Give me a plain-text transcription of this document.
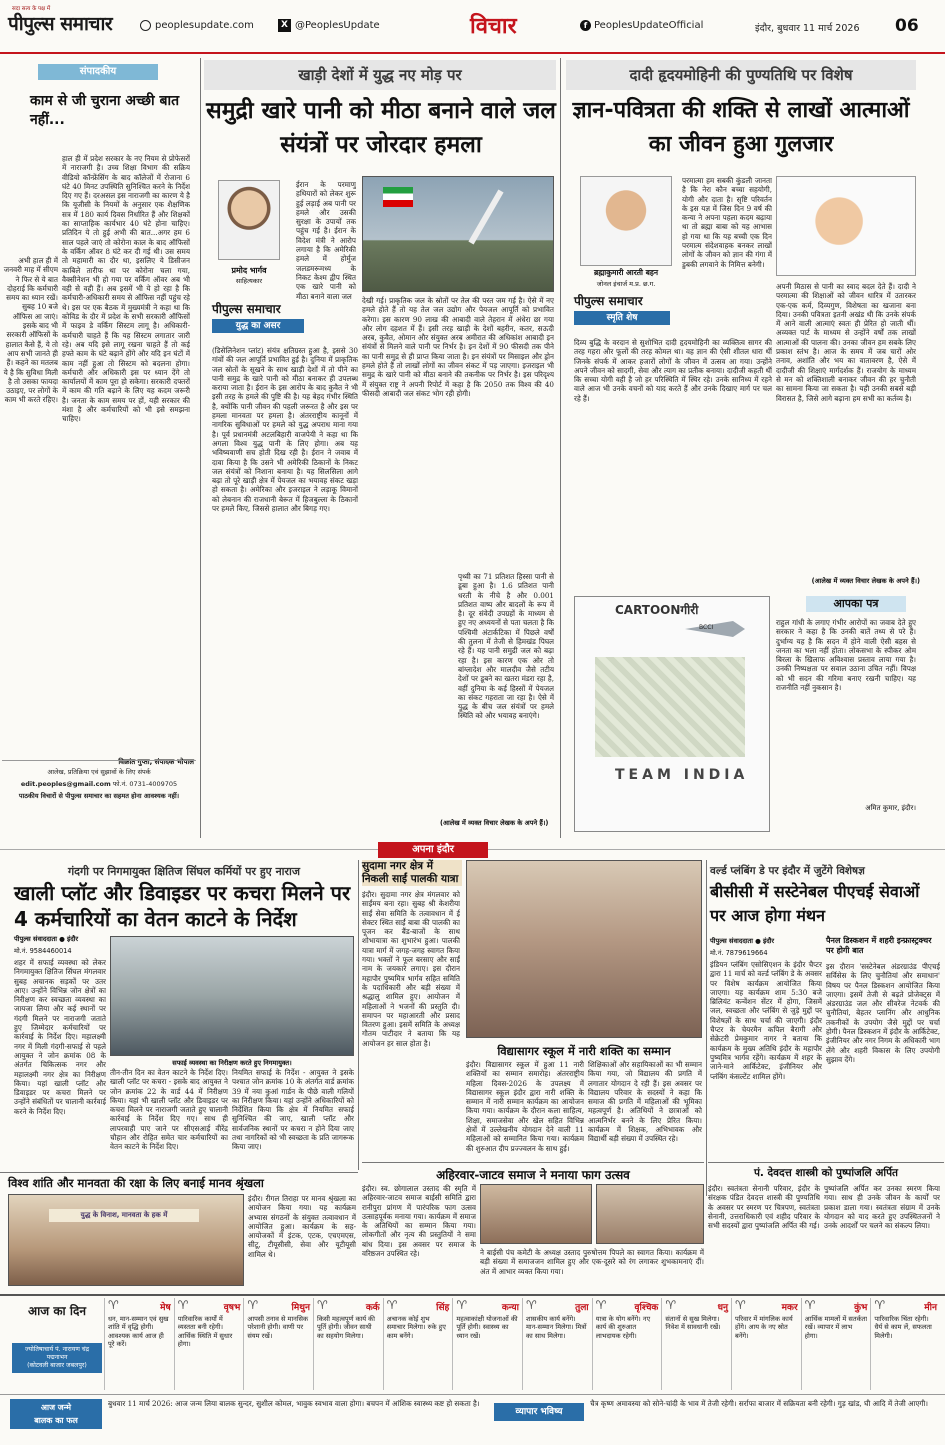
पीपुल्स समाचार
सदा सत्य के पक्ष में
peoplesupdate.com	X @PeoplesUpdate	विचार	f PeoplesUpdateOfficial	इंदौर, बुधवार 11 मार्च 2026 06
संपादकीय
काम से जी चुराना अच्छी बात नहीं...
हाल ही में प्रदेश सरकार के नए नियम से प्रोफेसरों में नाराजगी है। उच्च शिक्षा विभाग की सक्रिय वीडियो कॉन्फ्रेंसिंग के बाद कॉलेजों में रोजाना 6 घंटे 40 मिनट उपस्थिति सुनिश्चित करने के निर्देश दिए गए हैं। दरअसल इस नाराजगी का कारण ये है कि यूजीसी के नियमों के अनुसार एक शैक्षणिक सत्र में 180 कार्य दिवस निर्धारित हैं और शिक्षकों का साप्ताहिक कार्यभार 40 घंटे होना चाहिए। प्रतिदिन ये तो हुई अभी की बात...अगर हम 6 साल पहले जाएं तो कोरोना काल के बाद ऑफिसों के वर्किंग ऑवर 8 घंटे कर दी गई थी। उस समय तो महामारी का दौर था, इसलिए ये डिसीजन काबिले तारीफ था पर कोरोना चला गया, वैक्सीनेशन भी हो गया पर वर्किंग ऑवर अब भी वही से वही हैं। अब इसमें भी ये हो रहा है कि कर्मचारी-अधिकारी समय से ऑफिस नहीं पहुंच रहे थे। इस पर एक बैठक में मुख्यमंत्री ने कहा था कि कोविड के दौर में प्रदेश के सभी सरकारी ऑफिसों में फाइव डे वर्किंग सिस्टम लागू है। अधिकारी-कर्मचारी चाहते हैं कि यह सिस्टम लगातार जारी रहे। अब यदि इसे लागू रखना चाहते हैं तो कई हफ्ते काम के घंटे बढ़ाने होंगे और यदि इन घंटों में काम नहीं हुआ तो सिस्टम को बदलना होगा। कर्मचारी और अधिकारी इस पर ध्यान देंगे तो कार्यालयों में काम पूरा हो सकेगा। सरकारी दफ्तरों में काम की गति बढ़ाने के लिए यह कदम जरूरी है। जनता के काम समय पर हों, यही सरकार की मंशा है और कर्मचारियों को भी इसे समझना चाहिए।
अभी हाल ही में जनवरी माह में सीएम ने फिर से ये बात दोहराई कि कर्मचारी समय का ध्यान रखें। सुबह 10 बजे ऑफिस आ जाएं। इसके बाद भी सरकारी ऑफिसों के हालात कैसे हैं, ये तो आप सभी जानते ही हैं। कहने का मतलब ये है कि सुविधा मिली है तो उसका फायदा उठाइए, पर लोगों के काम भी करते रहिए।
विक्रांत गुप्ता, संपादक भोपाल
आलेख, प्रतिक्रिया एवं सुझावों के लिए संपर्क
edit.peoples@gmail.com फो.नं. 0731-4009705
पाठकीय विचारों से पीपुल्स समाचार का सहमत होना आवश्यक नहीं।
खाड़ी देशों में युद्ध नए मोड़ पर
समुद्री खारे पानी को मीठा बनाने वाले जल संयंत्रों पर जोरदार हमला
प्रमोद भार्गव
साहित्यकार
ईरान के परमाणु हथियारों को लेकर शुरू हुई लड़ाई अब पानी पर हमले और उसकी सुरक्षा के उपायों तक पहुंच गई है। ईरान के विदेश मंत्री ने आरोप लगाया है कि अमेरिकी हमले में होर्मुज जलडमरूमध्य के निकट केश्म द्वीप स्थित एक खारे पानी को मीठा बनाने वाला जल
पीपुल्स समाचार
युद्ध का असर
(डिसेलिनेशन प्लांट) संयंत्र क्षतिग्रस्त हुआ है, इससे 30 गांवों की जल आपूर्ति प्रभावित हुई है। दुनिया में प्राकृतिक जल स्रोतों के सूखने के साथ खाड़ी देशों में तो पीने का पानी समुद्र के खारे पानी को मीठा बनाकर ही उपलब्ध कराया जाता है। ईरान के इस आरोप के बाद कुवैत ने भी इसी तरह के हमले की पुष्टि की है। यह बेहद गंभीर स्थिति है, क्योंकि पानी जीवन की पहली जरूरत है और इस पर हमला मानवता पर हमला है। अंतरराष्ट्रीय कानूनों में नागरिक सुविधाओं पर हमले को युद्ध अपराध माना गया है। पूर्व प्रधानमंत्री अटलबिहारी वाजपेयी ने कहा था कि अगला विश्व युद्ध पानी के लिए होगा। अब यह भविष्यवाणी सच होती दिख रही है। ईरान ने जवाब में दावा किया है कि उसने भी अमेरिकी ठिकानों के निकट जल संयंत्रों को निशाना बनाया है। यह सिलसिला आगे बढ़ा तो पूरे खाड़ी क्षेत्र में पेयजल का भयावह संकट खड़ा हो सकता है। अमेरिका और इजराइल ने लड़ाकू विमानों को लेबनान की राजधानी बेरूत में हिजबुल्ला के ठिकानों पर हमले किए, जिससे हालात और बिगड़ गए।
देखी गई। प्राकृतिक जल के स्रोतों पर तेल की परत जम गई है। ऐसे में नए हमले होते हैं तो यह तेल जल उद्योग और पेयजल आपूर्ति को प्रभावित करेगा। इस कारण 90 लाख की आबादी वाले तेहरान में अंधेरा छा गया और लोग दहशत में हैं। इसी तरह खाड़ी के देशों बहरीन, कतर, सऊदी अरब, कुवैत, ओमान और संयुक्त अरब अमीरात की अधिकांश आबादी इन संयंत्रों से मिलने वाले पानी पर निर्भर है। इन देशों में 90 फीसदी तक पीने का पानी समुद्र से ही प्राप्त किया जाता है। इन संयंत्रों पर मिसाइल और ड्रोन हमले होते हैं तो लाखों लोगों का जीवन संकट में पड़ जाएगा। इजराइल भी समुद्र के खारे पानी को मीठा बनाने की तकनीक पर निर्भर है। इस परिदृश्य में संयुक्त राष्ट्र ने अपनी रिपोर्ट में कहा है कि 2050 तक विश्व की 40 फीसदी आबादी जल संकट भोग रही होगी।
पृथ्वी का 71 प्रतिशत हिस्सा पानी से डूबा हुआ है। 1.6 प्रतिशत पानी धरती के नीचे है और 0.001 प्रतिशत वाष्प और बादलों के रूप में है। दूर संवेदी उपग्रहों के माध्यम से हुए नए अध्ययनों से पता चलता है कि पश्चिमी अंटार्कटिका में पिछले वर्षों की तुलना में तेजी से हिमखंड पिघल रहे हैं। यह पानी समुद्री जल को बढ़ा रहा है। इस कारण एक ओर तो बांग्लादेश और मालदीव जैसे तटीय देशों पर डूबने का खतरा मंडरा रहा है, वहीं दुनिया के कई हिस्सों में पेयजल का संकट गहराता जा रहा है। ऐसे में युद्ध के बीच जल संयंत्रों पर हमले स्थिति को और भयावह बनाएंगे।
(आलेख में व्यक्त विचार लेखक के अपने हैं।)
दादी हृदयमोहिनी की पुण्यतिथि पर विशेष
ज्ञान-पवित्रता की शक्ति से लाखों आत्माओं का जीवन हुआ गुलजार
ब्रह्माकुमारी आरती बहन
जोनल इंचार्ज म.प्र. छ.ग.
परमात्मा हम सबकी कुंडली जानता है कि नेरा कौन बच्चा सहयोगी, योगी और दाता है। सृष्टि परिवर्तन के इस यज्ञ में जिस दिन 9 वर्ष की कन्या ने अपना पहला कदम बढ़ाया था तो ब्रह्मा बाबा को यह आभास हो गया था कि यह बच्ची एक दिन परमात्म संदेशवाहक बनकर लाखों लोगों के जीवन को ज्ञान की गंगा में डुबकी लगवाने के निमित्त बनेगी।
पीपुल्स समाचार
स्मृति शेष
दिव्य बुद्धि के वरदान से सुशोभित दादी हृदयमोहिनी का व्यक्तित्व सागर की तरह गहरा और फूलों की तरह कोमल था। वह ज्ञान की ऐसी शीतल धारा थीं जिनके संपर्क में आकर हजारों लोगों के जीवन में उत्सव आ गया। उन्होंने अपने जीवन को सादगी, सेवा और त्याग का प्रतीक बनाया। दादीजी कहती थीं कि सच्चा योगी वही है जो हर परिस्थिति में स्थिर रहे। उनके सानिध्य में रहने वाले आज भी उनके वचनों को याद करते हैं और उनके दिखाए मार्ग पर चल रहे हैं।
अपनी मिठास से पानी का स्वाद बदल देते हैं। दादी ने परमात्मा की शिक्षाओं को जीवन धारित्र में उतारकर एक-एक कर्म, दिव्यगुण, विशेषता का खजाना बना दिया। उनकी पवित्रता इतनी अखंड थी कि उनके संपर्क में आने वाली आत्माएं स्वतः ही प्रेरित हो जाती थीं। अव्यक्त पार्ट के माध्यम से उन्होंने वर्षों तक लाखों आत्माओं की पालना की। उनका जीवन हम सबके लिए प्रकाश स्तंभ है। आज के समय में जब चारों ओर तनाव, अशांति और भय का वातावरण है, ऐसे में दादीजी की शिक्षाएं मार्गदर्शक हैं। राजयोग के माध्यम से मन को शक्तिशाली बनाकर जीवन की हर चुनौती का सामना किया जा सकता है। यही उनकी सबसे बड़ी विरासत है, जिसे आगे बढ़ाना हम सभी का कर्तव्य है।
(आलेख में व्यक्त विचार लेखक के अपने हैं।)
CARTOONगीरी
BCCI
TEAM INDIA
आपका पत्र
राहुल गांधी के लगाए गंभीर आरोपों का जवाब देते हुए सरकार ने कहा है कि उनकी बातें तथ्य से परे हैं। दुर्भाग्य यह है कि सदन में होने वाली ऐसी बहस से जनता का भला नहीं होता। लोकसभा के स्पीकर ओम बिरला के खिलाफ अविश्वास प्रस्ताव लाया गया है। उनकी निष्पक्षता पर सवाल उठाना उचित नहीं। विपक्ष को भी सदन की गरिमा बनाए रखनी चाहिए। यह राजनीति नहीं नुकसान है।
अमित कुमार, इंदौर।
अपना इंदौर
गंदगी पर निगमायुक्त क्षितिज सिंघल कर्मियों पर हुए नाराज
खाली प्लॉट और डिवाइडर पर कचरा मिलने पर 4 कर्मचारियों का वेतन काटने के निर्देश
पीपुल्स संवाददाता ● इंदौर
मो.नं. 9584460014
शहर में सफाई व्यवस्था को लेकर निगमायुक्त क्षितिज सिंघल मंगलवार सुबह अचानक सड़कों पर उतर आए। उन्होंने विभिन्न जोन क्षेत्रों का निरीक्षण कर स्वच्छता व्यवस्था का जायजा लिया और कई स्थानों पर गंदगी मिलने पर नाराजगी जताते हुए जिम्मेदार कर्मचारियों पर कार्रवाई के निर्देश दिए। महालक्ष्मी नगर में मिली गंदगी-सफाई से पहले आयुक्त ने जोन क्रमांक 08 के अंतर्गत चिकित्सक नगर और महालक्ष्मी नगर क्षेत्र का निरीक्षण किया। यहां खाली प्लॉट और डिवाइडर पर कचरा मिलने पर उन्होंने संबंधितों पर चालानी कार्रवाई करने के निर्देश दिए।
सफाई व्यवस्था का निरीक्षण करते हुए निगमायुक्त।
तीन-तीन दिन का वेतन काटने के निर्देश दिए। खाली प्लॉट पर कचरा - इसके बाद आयुक्त ने जोन क्रमांक 22 के वार्ड 44 में निरीक्षण किया। यहां भी खाली प्लॉट और डिवाइडर पर कचरा मिलने पर नाराजगी जताते हुए चालानी कार्रवाई के निर्देश दिए गए। साथ ही लापरवाही पाए जाने पर सीएसआई वीरेंद्र चौहान और रोहित समेत चार कर्मचारियों का वेतन काटने के निर्देश दिए।
नियमित सफाई के निर्देश - आयुक्त ने इसके पश्चात जोन क्रमांक 10 के अंतर्गत वार्ड क्रमांक 39 में नया कुआं गार्डन के पीछे वाली गलियों का निरीक्षण किया। यहां उन्होंने अधिकारियों को निर्देशित किया कि क्षेत्र में नियमित सफाई सुनिश्चित की जाए, खाली प्लॉट और सार्वजनिक स्थानों पर कचरा न होने दिया जाए तथा नागरिकों को भी स्वच्छता के प्रति जागरूक किया जाए।
सुदामा नगर क्षेत्र में निकली साईं पालकी यात्रा
इंदौर। सुदामा नगर क्षेत्र मंगलवार को साईंमय बना रहा। सुबह श्री केशरीया साईं सेवा समिति के तत्वावधान में ई सेक्टर स्थित साईं बाबा की पालकी का पूजन कर बैंड-बाजों के साथ शोभायात्रा का शुभारंभ हुआ। पालकी यात्रा मार्ग में जगह-जगह स्वागत किया गया। भक्तों ने फूल बरसाए और साईं नाम के जयकारे लगाए। इस दौरान महापौर पुष्यमित्र भार्गव सहित समिति के पदाधिकारी और बड़ी संख्या में श्रद्धालु शामिल हुए। आयोजन में महिलाओं ने भजनों की प्रस्तुति दी। समापन पर महाआरती और प्रसाद वितरण हुआ। इसमें समिति के अध्यक्ष गौतम पाटीदार ने बताया कि यह आयोजन हर साल होता है।
विद्यासागर स्कूल में नारी शक्ति का सम्मान
इंदौर। विद्यासागर स्कूल में हुआ 11 नारी शक्तियों का सम्मान समारोह। अंतरराष्ट्रीय महिला दिवस-2026 के उपलक्ष्य में विद्यासागर स्कूल इंदौर द्वारा नारी शक्ति के सम्मान में नारी सम्मान कार्यक्रम का आयोजन किया गया। कार्यक्रम के दौरान कला साहित्य, शिक्षा, समाजसेवा और खेल सहित विभिन्न क्षेत्रों में उल्लेखनीय योगदान देने वाली 11 महिलाओं को सम्मानित किया गया। कार्यक्रम की शुरुआत दीप प्रज्ज्वलन के साथ हुई।
शिक्षिकाओं और सहायिकाओं का भी सम्मान किया गया, जो विद्यालय की प्रगति में लगातार योगदान दे रही हैं। इस अवसर पर विद्यालय परिवार के सदस्यों ने कहा कि समाज की प्रगति में महिलाओं की भूमिका महत्वपूर्ण है। अतिथियों ने छात्राओं को आत्मनिर्भर बनने के लिए प्रेरित किया। कार्यक्रम में शिक्षक, अभिभावक और विद्यार्थी बड़ी संख्या में उपस्थित रहे।
वर्ल्ड प्लंबिंग डे पर इंदौर में जुटेंगे विशेषज्ञ
बीसीसी में सस्टेनेबल पीएचई सेवाओं पर आज होगा मंथन
पीपुल्स संवाददाता ● इंदौर
मो.नं. 7879619664
इंडियन प्लंबिंग एसोसिएशन के इंदौर चैप्टर द्वारा 11 मार्च को वर्ल्ड प्लंबिंग डे के अवसर पर विशेष कार्यक्रम आयोजित किया जाएगा। यह कार्यक्रम शाम 5:30 बजे ब्रिलियंट कन्वेंशन सेंटर में होगा, जिसमें जल, स्वच्छता और प्लंबिंग से जुड़े मुद्दों पर विशेषज्ञों के साथ चर्चा की जाएगी। इंदौर चैप्टर के चेयरमैन कपिल बैरागी और सेक्रेटरी प्रेमकुमार नागर ने बताया कि कार्यक्रम के मुख्य अतिथि इंदौर के महापौर पुष्यमित्र भार्गव रहेंगे। कार्यक्रम में शहर के जाने-माने आर्किटेक्ट, इंजीनियर और प्लंबिंग कंसल्टेंट शामिल होंगे।
पैनल डिस्कशन में शहरी इन्फ्रास्ट्रक्चर पर होगी बात
इस दौरान 'सस्टेनेबल अंडरग्राउंड पीएचई सर्विसेस के लिए चुनौतियां और समाधान' विषय पर पैनल डिस्कशन आयोजित किया जाएगा। इसमें तेजी से बढ़ते प्रोजेक्ट्स में अंडरग्राउंड जल और सीवरेज नेटवर्क की चुनौतियां, बेहतर प्लानिंग और आधुनिक तकनीकों के उपयोग जैसे मुद्दों पर चर्चा होगी। पैनल डिस्कशन में इंदौर के आर्किटेक्ट, इंजीनियर और नगर निगम के अधिकारी भाग लेंगे और शहरी विकास के लिए उपयोगी सुझाव देंगे।
अहिरवार-जाटव समाज ने मनाया फाग उत्सव
इंदौर। स्व. छोगालाल उस्ताद की स्मृति में अहिरवार-जाटव समाज बाईसी समिति द्वारा रानीपुरा प्रांगण में पारंपरिक फाग उत्सव उत्साहपूर्वक मनाया गया। कार्यक्रम में समाज के अतिथियों का सम्मान किया गया। लोकगीतों और नृत्य की प्रस्तुतियों ने समा बांध दिया। इस अवसर पर समाज के वरिष्ठजन उपस्थित रहे।	ने बाईसी पंच कमेटी के अध्यक्ष उस्ताद पुरुषोत्तम पिपले का स्वागत किया। कार्यक्रम में बड़ी संख्या में समाजजन शामिल हुए और एक-दूसरे को रंग लगाकर शुभकामनाएं दीं। अंत में आभार व्यक्त किया गया।
विश्व शांति और मानवता की रक्षा के लिए बनाई मानव श्रृंखला
युद्ध के विनाश, मानवता के हक में
इंदौर। रीगल तिराहा पर मानव श्रृंखला का आयोजन किया गया। यह कार्यक्रम अभ्यास संगठनों के संयुक्त तत्वावधान में आयोजित हुआ। कार्यक्रम के सह-आयोजकों में इंटक, एटक, एचएमएस, सीटू, टीयूसीसी, सेवा और यूटीयूसी शामिल थे।
पं. देवदत्त शास्त्री को पुष्पांजलि अर्पित
इंदौर। स्वतंत्रता सेनानी परिवार, इंदौर के संरक्षक पंडित देवदत्त शास्त्री की पुण्यतिथि के अवसर पर स्मरण पर चित्रपण, स्वतंत्रता सेनानी, उत्तराधिकारी एवं शहीद परिवार के सभी सदस्यों द्वारा पुष्पांजलि अर्पित की गई।
पुष्पांजलि अर्पित कर उनका स्मरण किया गया। साथ ही उनके जीवन के कार्यों पर प्रकाश डाला गया। स्वतंत्रता संग्राम में उनके योगदान को याद करते हुए उपस्थितजनों ने उनके आदर्शों पर चलने का संकल्प लिया।
आज का दिन
ज्योतिषाचार्य पं. नारायण चंद्र पद्मनाभन
(कोटवली बाजार जबलपुर)
♈ मेष
धन, मान-सम्मान एवं सुख शांति में वृद्धि होगी। आवश्यक कार्य आज ही पूरे करें।
♈ वृषभ
पारिवारिक कार्यों में व्यस्तता बनी रहेगी। आर्थिक स्थिति में सुधार होगा।
♈ मिथुन
आपसी तनाव से मानसिक परेशानी होगी। वाणी पर संयम रखें।
♈ कर्क
किसी महत्वपूर्ण कार्य की पूर्ति होगी। जीवन साथी का सहयोग मिलेगा।
♈ सिंह
अचानक कोई शुभ समाचार मिलेगा। रुके हुए काम बनेंगे।
♈ कन्या
महत्वाकांक्षी योजनाओं की पूर्ति होगी। स्वास्थ्य का ध्यान रखें।
♈ तुला
शासकीय कार्य बनेंगे। मान-सम्मान मिलेगा। मित्रों का साथ मिलेगा।
♈ वृश्चिक
यात्रा के योग बनेंगे। नए कार्य की शुरुआत लाभदायक रहेगी।
♈ धनु
संतानों से सुख मिलेगा। निवेश में सावधानी रखें।
♈ मकर
परिवार में मांगलिक कार्य होंगे। आय के नए स्रोत बनेंगे।
♈ कुंभ
आर्थिक मामलों में सतर्कता रखें। व्यापार में लाभ होगा।
♈ मीन
पारिवारिक चिंता रहेगी। धैर्य से काम लें, सफलता मिलेगी।
आज जन्मे
बालक का फल
बुधवार 11 मार्च 2026: आज जन्म लिया बालक सुन्दर, सुशील कोमल, भावुक स्वभाव वाला होगा। बचपन में आंशिक स्वास्थ्य कष्ट हो सकता है।
व्यापार भविष्य
चैत्र कृष्ण अमावस्या को सोने-चांदी के भाव में तेजी रहेगी। सर्राफा बाजार में सक्रियता बनी रहेगी। गुड़ खांड, घी आदि में तेजी आएगी।
